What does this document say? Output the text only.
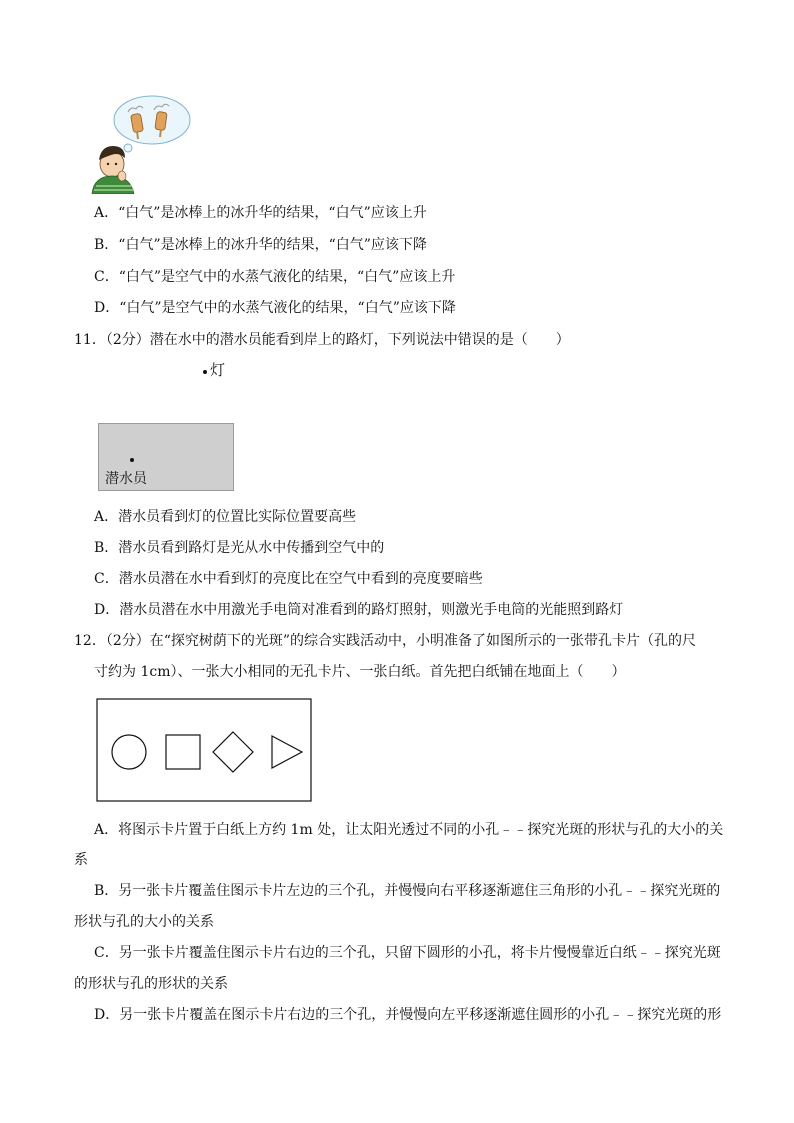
A．“白气”是冰棒上的冰升华的结果，“白气”应该上升
B．“白气”是冰棒上的冰升华的结果，“白气”应该下降
C．“白气”是空气中的水蒸气液化的结果，“白气”应该上升
D．“白气”是空气中的水蒸气液化的结果，“白气”应该下降
11．（2分）潜在水中的潜水员能看到岸上的路灯，下列说法中错误的是（　　）
灯
潜水员
A．潜水员看到灯的位置比实际位置要高些
B．潜水员看到路灯是光从水中传播到空气中的
C．潜水员潜在水中看到灯的亮度比在空气中看到的亮度要暗些
D．潜水员潜在水中用激光手电筒对准看到的路灯照射，则激光手电筒的光能照到路灯
12．（2分）在“探究树荫下的光斑”的综合实践活动中，小明准备了如图所示的一张带孔卡片（孔的尺
寸约为 1cm）、一张大小相同的无孔卡片、一张白纸。首先把白纸铺在地面上（　　）
A．将图示卡片置于白纸上方约 1m 处，让太阳光透过不同的小孔﹣﹣探究光斑的形状与孔的大小的关
系
B．另一张卡片覆盖住图示卡片左边的三个孔，并慢慢向右平移逐渐遮住三角形的小孔﹣﹣探究光斑的
形状与孔的大小的关系
C．另一张卡片覆盖住图示卡片右边的三个孔，只留下圆形的小孔，将卡片慢慢靠近白纸﹣﹣探究光斑
的形状与孔的形状的关系
D．另一张卡片覆盖在图示卡片右边的三个孔，并慢慢向左平移逐渐遮住圆形的小孔﹣﹣探究光斑的形
